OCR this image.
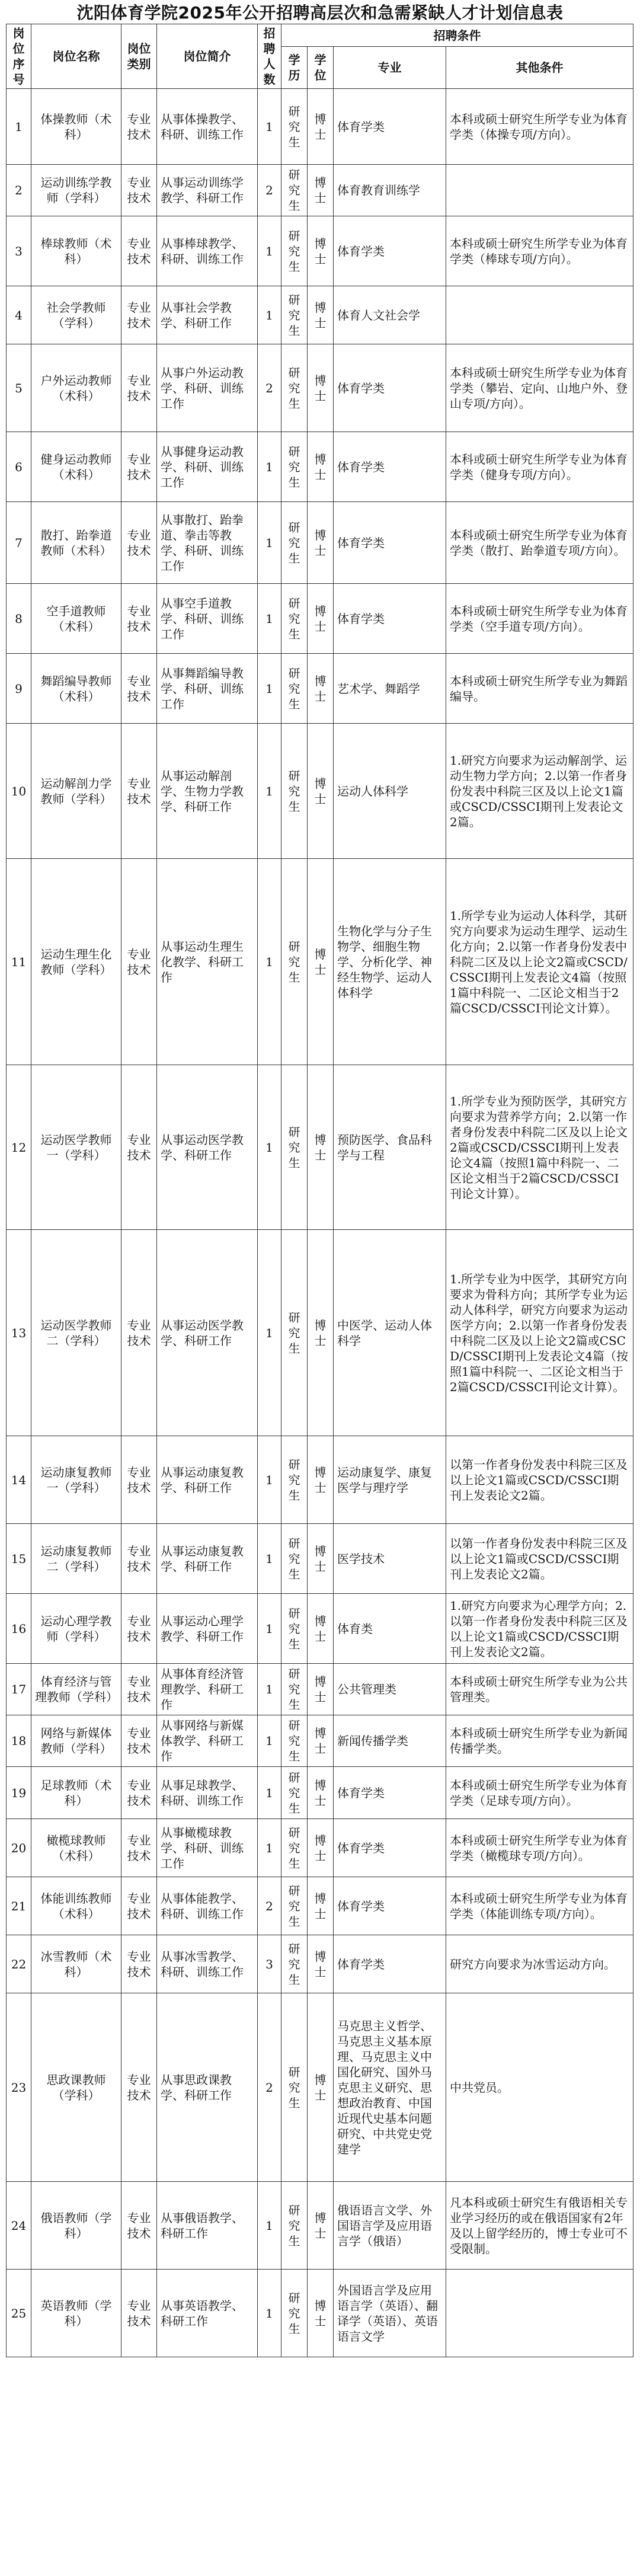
沈阳体育学院2025年公开招聘高层次和急需紧缺人才计划信息表
岗位序号	岗位名称	岗位类别	岗位简介	招聘人数	招聘条件			
					学历	学位	专业	其他条件
1	体操教师（术科）	专业技术	从事体操教学、科研、训练工作	1	研究生	博士	体育学类	本科或硕士研究生所学专业为体育学类（体操专项/方向）。
2	运动训练学教师（学科）	专业技术	从事运动训练学教学、科研工作	2	研究生	博士	体育教育训练学	
3	棒球教师（术科）	专业技术	从事棒球教学、科研、训练工作	1	研究生	博士	体育学类	本科或硕士研究生所学专业为体育学类（棒球专项/方向）。
4	社会学教师（学科）	专业技术	从事社会学教学、科研工作	1	研究生	博士	体育人文社会学	
5	户外运动教师（术科）	专业技术	从事户外运动教学、科研、训练工作	2	研究生	博士	体育学类	本科或硕士研究生所学专业为体育学类（攀岩、定向、山地户外、登山专项/方向）。
6	健身运动教师（术科）	专业技术	从事健身运动教学、科研、训练工作	1	研究生	博士	体育学类	本科或硕士研究生所学专业为体育学类（健身专项/方向）。
7	散打、跆拳道教师（术科）	专业技术	从事散打、跆拳道、拳击等教学、科研、训练工作	1	研究生	博士	体育学类	本科或硕士研究生所学专业为体育学类（散打、跆拳道专项/方向）。
8	空手道教师（术科）	专业技术	从事空手道教学、科研、训练工作	1	研究生	博士	体育学类	本科或硕士研究生所学专业为体育学类（空手道专项/方向）。
9	舞蹈编导教师（术科）	专业技术	从事舞蹈编导教学、科研、训练工作	1	研究生	博士	艺术学、舞蹈学	本科或硕士研究生所学专业为舞蹈编导。
10	运动解剖力学教师（学科）	专业技术	从事运动解剖学、生物力学教学、科研工作	1	研究生	博士	运动人体科学	1.研究方向要求为运动解剖学、运动生物力学方向；2.以第一作者身份发表中科院三区及以上论文1篇或CSCD/CSSCI期刊上发表论文2篇。
11	运动生理生化教师（学科）	专业技术	从事运动生理生化教学、科研工作	1	研究生	博士	生物化学与分子生物学、细胞生物学、分析化学、神经生物学、运动人体科学	1.所学专业为运动人体科学，其研究方向要求为运动生理学、运动生化方向；2.以第一作者身份发表中科院二区及以上论文2篇或CSCD/CSSCI期刊上发表论文4篇（按照1篇中科院一、二区论文相当于2篇CSCD/CSSCI刊论文计算）。
12	运动医学教师一（学科）	专业技术	从事运动医学教学、科研工作	1	研究生	博士	预防医学、食品科学与工程	1.所学专业为预防医学，其研究方向要求为营养学方向；2.以第一作者身份发表中科院二区及以上论文2篇或CSCD/CSSCI期刊上发表论文4篇（按照1篇中科院一、二区论文相当于2篇CSCD/CSSCI刊论文计算）。
13	运动医学教师二（学科）	专业技术	从事运动医学教学、科研工作	1	研究生	博士	中医学、运动人体科学	1.所学专业为中医学，其研究方向要求为骨科方向；其所学专业为运动人体科学，研究方向要求为运动医学方向；2.以第一作者身份发表中科院二区及以上论文2篇或CSCD/CSSCI期刊上发表论文4篇（按照1篇中科院一、二区论文相当于2篇CSCD/CSSCI刊论文计算）。
14	运动康复教师一（学科）	专业技术	从事运动康复教学、科研工作	1	研究生	博士	运动康复学、康复医学与理疗学	以第一作者身份发表中科院三区及以上论文1篇或CSCD/CSSCI期刊上发表论文2篇。
15	运动康复教师二（学科）	专业技术	从事运动康复教学、科研工作	1	研究生	博士	医学技术	以第一作者身份发表中科院三区及以上论文1篇或CSCD/CSSCI期刊上发表论文2篇。
16	运动心理学教师（学科）	专业技术	从事运动心理学教学、科研工作	1	研究生	博士	体育类	1.研究方向要求为心理学方向；2.以第一作者身份发表中科院三区及以上论文1篇或CSCD/CSSCI期刊上发表论文2篇。
17	体育经济与管理教师（学科）	专业技术	从事体育经济管理教学、科研工作	1	研究生	博士	公共管理类	本科或硕士研究生所学专业为公共管理类。
18	网络与新媒体教师（学科）	专业技术	从事网络与新媒体教学、科研工作	1	研究生	博士	新闻传播学类	本科或硕士研究生所学专业为新闻传播学类。
19	足球教师（术科）	专业技术	从事足球教学、科研、训练工作	1	研究生	博士	体育学类	本科或硕士研究生所学专业为体育学类（足球专项/方向）。
20	橄榄球教师（术科）	专业技术	从事橄榄球教学、科研、训练工作	1	研究生	博士	体育学类	本科或硕士研究生所学专业为体育学类（橄榄球专项/方向）。
21	体能训练教师（术科）	专业技术	从事体能教学、科研、训练工作	2	研究生	博士	体育学类	本科或硕士研究生所学专业为体育学类（体能训练专项/方向）。
22	冰雪教师（术科）	专业技术	从事冰雪教学、科研、训练工作	3	研究生	博士	体育学类	研究方向要求为冰雪运动方向。
23	思政课教师（学科）	专业技术	从事思政课教学、科研工作	2	研究生	博士	马克思主义哲学、马克思主义基本原理、马克思主义中国化研究、国外马克思主义研究、思想政治教育、中国近现代史基本问题研究、中共党史党建学	中共党员。
24	俄语教师（学科）	专业技术	从事俄语教学、科研工作	1	研究生	博士	俄语语言文学、外国语言学及应用语言学（俄语）	凡本科或硕士研究生有俄语相关专业学习经历的或在俄语国家有2年及以上留学经历的，博士专业可不受限制。
25	英语教师（学科）	专业技术	从事英语教学、科研工作	1	研究生	博士	外国语言学及应用语言学（英语）、翻译学（英语）、英语语言文学	
